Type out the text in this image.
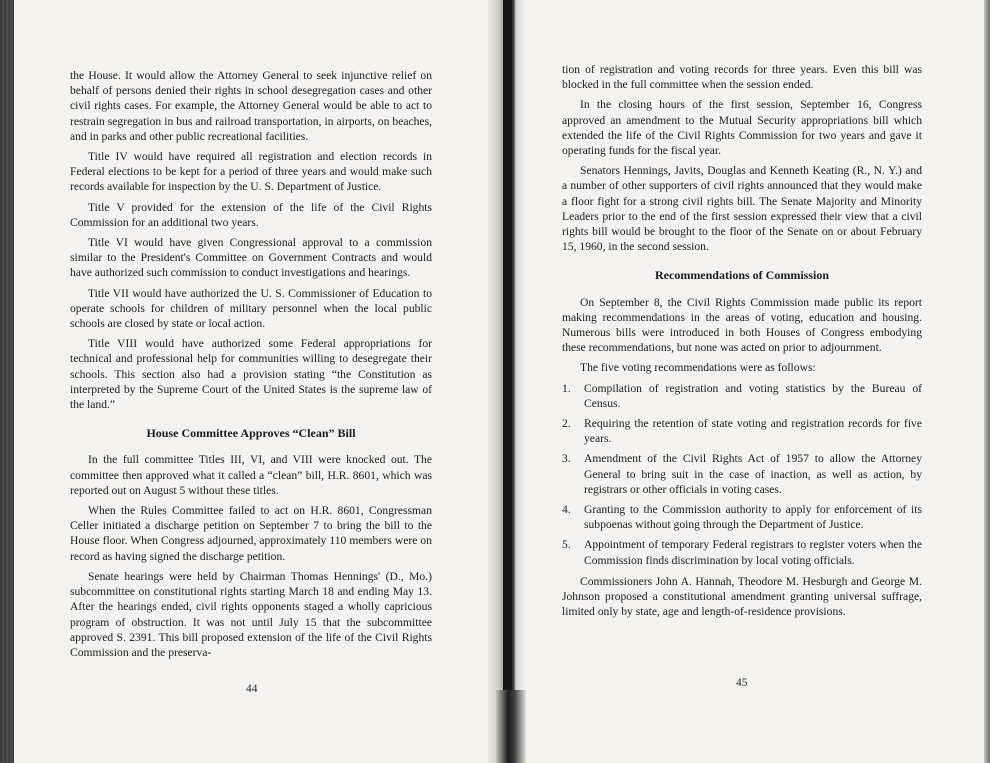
the House. It would allow the Attorney General to seek injunctive relief on behalf of persons denied their rights in school desegregation cases and other civil rights cases. For example, the Attorney General would be able to act to restrain segregation in bus and railroad transportation, in airports, on beaches, and in parks and other public recreational facilities.

Title IV would have required all registration and election records in Federal elections to be kept for a period of three years and would make such records available for inspection by the U. S. Department of Justice.

Title V provided for the extension of the life of the Civil Rights Commission for an additional two years.

Title VI would have given Congressional approval to a commission similar to the President's Committee on Government Contracts and would have authorized such commission to conduct investigations and hearings.

Title VII would have authorized the U. S. Commissioner of Education to operate schools for children of military personnel when the local public schools are closed by state or local action.

Title VIII would have authorized some Federal appropriations for technical and professional help for communities willing to desegregate their schools. This section also had a provision stating “the Constitution as interpreted by the Supreme Court of the United States is the supreme law of the land.”

House Committee Approves “Clean” Bill

In the full committee Titles III, VI, and VIII were knocked out. The committee then approved what it called a “clean” bill, H.R. 8601, which was reported out on August 5 without these titles.

When the Rules Committee failed to act on H.R. 8601, Congressman Celler initiated a discharge petition on September 7 to bring the bill to the House floor. When Congress adjourned, approximately 110 members were on record as having signed the discharge petition.

Senate hearings were held by Chairman Thomas Hennings' (D., Mo.) subcommittee on constitutional rights starting March 18 and ending May 13. After the hearings ended, civil rights opponents staged a wholly capricious program of obstruction. It was not until July 15 that the subcommittee approved S. 2391. This bill proposed extension of the life of the Civil Rights Commission and the preserva-

44

tion of registration and voting records for three years. Even this bill was blocked in the full committee when the session ended.

In the closing hours of the first session, September 16, Congress approved an amendment to the Mutual Security appropriations bill which extended the life of the Civil Rights Commission for two years and gave it operating funds for the fiscal year.

Senators Hennings, Javits, Douglas and Kenneth Keating (R., N. Y.) and a number of other supporters of civil rights announced that they would make a floor fight for a strong civil rights bill. The Senate Majority and Minority Leaders prior to the end of the first session expressed their view that a civil rights bill would be brought to the floor of the Senate on or about February 15, 1960, in the second session.

Recommendations of Commission

On September 8, the Civil Rights Commission made public its report making recommendations in the areas of voting, education and housing. Numerous bills were introduced in both Houses of Congress embodying these recommendations, but none was acted on prior to adjournment.

The five voting recommendations were as follows:

1.	Compilation of registration and voting statistics by the Bureau of Census.
2.	Requiring the retention of state voting and registration records for five years.
3.	Amendment of the Civil Rights Act of 1957 to allow the Attorney General to bring suit in the case of inaction, as well as action, by registrars or other officials in voting cases.
4.	Granting to the Commission authority to apply for enforcement of its subpoenas without going through the Department of Justice.
5.	Appointment of temporary Federal registrars to register voters when the Commission finds discrimination by local voting officials.

Commissioners John A. Hannah, Theodore M. Hesburgh and George M. Johnson proposed a constitutional amendment granting universal suffrage, limited only by state, age and length-of-residence provisions.

45
